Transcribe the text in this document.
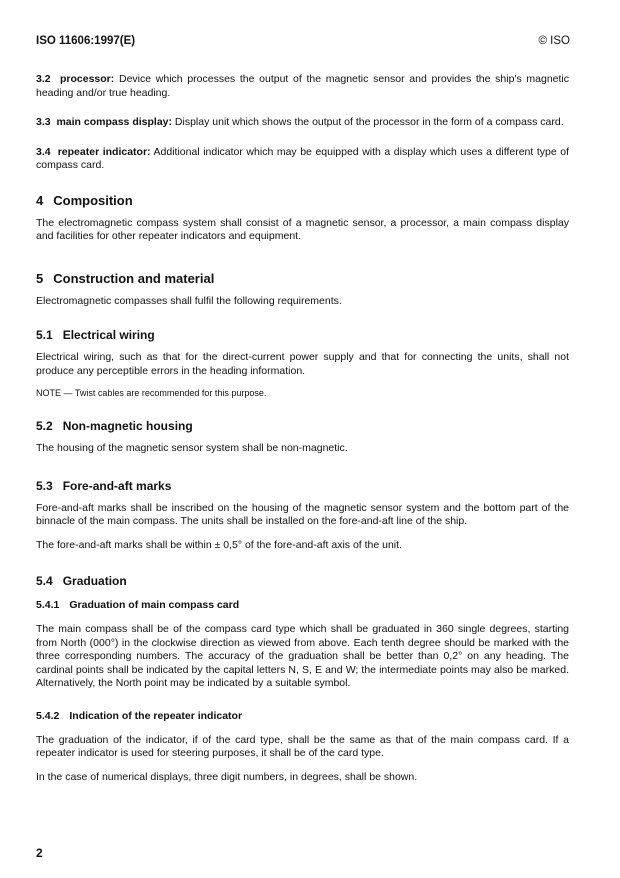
ISO 11606:1997(E)	© ISO

3.2 processor: Device which processes the output of the magnetic sensor and provides the ship's magnetic heading and/or true heading.

3.3 main compass display: Display unit which shows the output of the processor in the form of a compass card.

3.4 repeater indicator: Additional indicator which may be equipped with a display which uses a different type of compass card.

4 Composition

The electromagnetic compass system shall consist of a magnetic sensor, a processor, a main compass display and facilities for other repeater indicators and equipment.

5 Construction and material

Electromagnetic compasses shall fulfil the following requirements.

5.1 Electrical wiring

Electrical wiring, such as that for the direct-current power supply and that for connecting the units, shall not produce any perceptible errors in the heading information.

NOTE — Twist cables are recommended for this purpose.

5.2 Non-magnetic housing

The housing of the magnetic sensor system shall be non-magnetic.

5.3 Fore-and-aft marks

Fore-and-aft marks shall be inscribed on the housing of the magnetic sensor system and the bottom part of the binnacle of the main compass. The units shall be installed on the fore-and-aft line of the ship.

The fore-and-aft marks shall be within ± 0,5° of the fore-and-aft axis of the unit.

5.4 Graduation
5.4.1 Graduation of main compass card

The main compass shall be of the compass card type which shall be graduated in 360 single degrees, starting from North (000°) in the clockwise direction as viewed from above. Each tenth degree should be marked with the three corresponding numbers. The accuracy of the graduation shall be better than 0,2° on any heading. The cardinal points shall be indicated by the capital letters N, S, E and W; the intermediate points may also be marked. Alternatively, the North point may be indicated by a suitable symbol.

5.4.2 Indication of the repeater indicator

The graduation of the indicator, if of the card type, shall be the same as that of the main compass card. If a repeater indicator is used for steering purposes, it shall be of the card type.

In the case of numerical displays, three digit numbers, in degrees, shall be shown.

2
